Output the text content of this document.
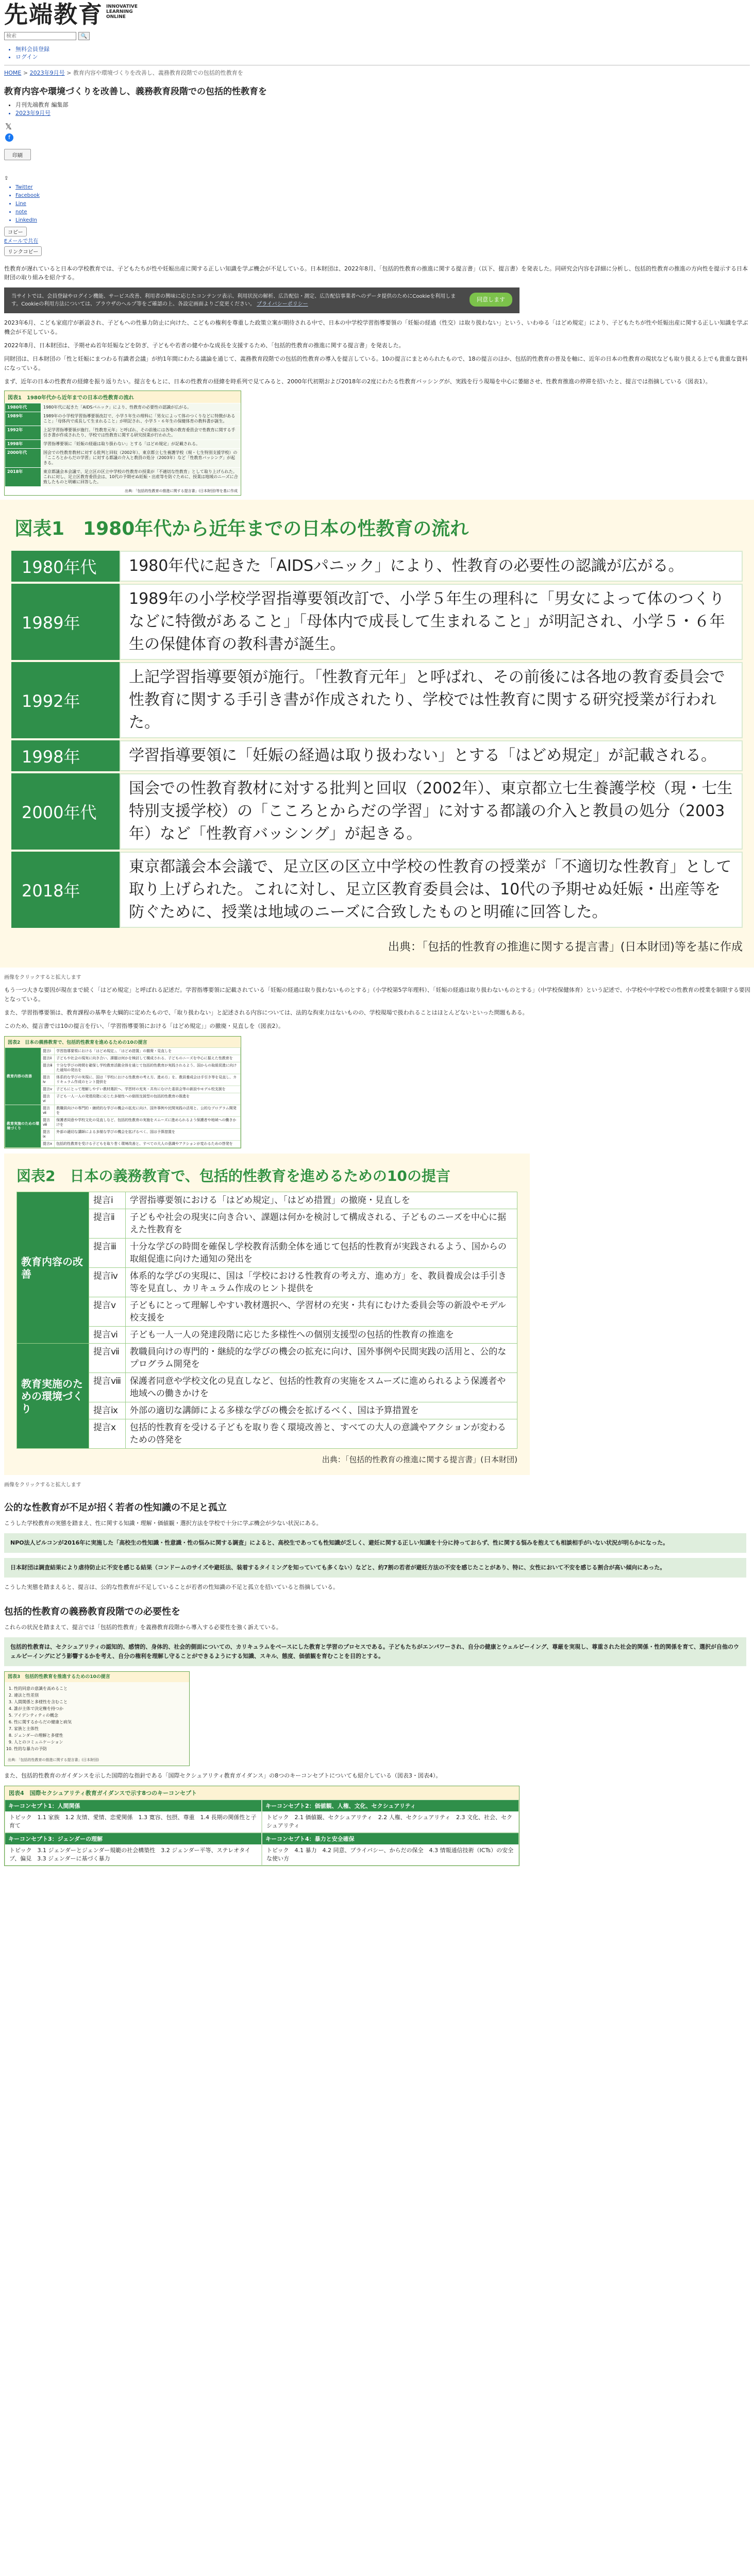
先端教育 INNOVATIVE
LEARNING
ONLINE
検索
🔍
• 無料会員登録
• ログイン
HOME > 2023年9月号 > 教育内容や環境づくりを改善し、義務教育段階での包括的性教育を
教育内容や環境づくりを改善し、義務教育段階での包括的性教育を
• 月刊先端教育 編集部
• 2023年9月号
𝕏
f
印刷
⇪
• Twitter
• Facebook
• Line
• note
• LinkedIn
コピー
Eメールで共有
リンクコピー

性教育が遅れていると日本の学校教育では、子どもたちが性や妊娠出産に関する正しい知識を学ぶ機会が不足している。日本財団は、2022年8月、「包括的性教育の推進に関する提言書」（以下、提言書）を発表した。同研究会内容を詳細に分析し、包括的性教育の推進の方向性を提示する日本財団の取り組みを紹介する。

当サイトでは、会員登録やログイン機能、サービス改善、利用者の興味に応じたコンテンツ表示、利用状況の解析、広告配信・測定、広告配信事業者へのデータ提供のためにCookieを利用します。Cookieの利用方法については、ブラウザのヘルプ等をご確認の上、各設定画面よりご変更ください。 プライバシーポリシー
同意します

2023年6月、こども家庭庁が新設され、子どもへの性暴力防止に向けた、こどもの権利を尊重した政策立案が期待される中で、日本の中学校学習指導要領の「妊娠の経過（性交）は取り扱わない」という、いわゆる「はどめ規定」により、子どもたちが性や妊娠出産に関する正しい知識を学ぶ機会が不足している。

2022年8月、日本財団は、予期せぬ若年妊娠などを防ぎ、子どもや若者の健やかな成長を支援するため、「包括的性教育の推進に関する提言書」を発表した。

同財団は、日本財団の「性と妊娠にまつわる有識者会議」が約1年間にわたる議論を通じて、義務教育段階での包括的性教育の導入を提言している。10の提言にまとめられたもので、18の提言のほか、包括的性教育の普及を軸に、近年の日本の性教育の現状なども取り扱える上でも貴重な資料になっている。

まず、近年の日本の性教育の経緯を振り返りたい。提言をもとに、日本の性教育の経緯を時系列で見てみると、2000年代初期および2018年の2度にわたる性教育バッシングが、実践を行う現場を中心に萎縮させ、性教育推進の停滞を招いたと、提言では指摘している（図表1）。

図表1　1980年代から近年までの日本の性教育の流れ
1980年代	1980年代に起きた「AIDSパニック」により、性教育の必要性の認識が広がる。
1989年	1989年の小学校学習指導要領改訂で、小学５年生の理科に「男女によって体のつくりなどに特徴があること」「母体内で成長して生まれること」が明記され、小学５・６年生の保健体育の教科書が誕生。
1992年	上記学習指導要領が施行。「性教育元年」と呼ばれ、その前後には各地の教育委員会で性教育に関する手引き書が作成されたり、学校では性教育に関する研究授業が行われた。
1998年	学習指導要領に「妊娠の経過は取り扱わない」とする「はどめ規定」が記載される。
2000年代	国会での性教育教材に対する批判と回収（2002年）、東京都立七生養護学校（現・七生特別支援学校）の「こころとからだの学習」に対する都議の介入と教員の処分（2003年）など「性教育バッシング」が起きる。
2018年	東京都議会本会議で、足立区の区立中学校の性教育の授業が「不適切な性教育」として取り上げられた。これに対し、足立区教育委員会は、10代の予期せぬ妊娠・出産等を防ぐために、授業は地域のニーズに合致したものと明確に回答した。
出典：「包括的性教育の推進に関する提言書」(日本財団)等を基に作成
図表1　1980年代から近年までの日本の性教育の流れ
1980年代	1980年代に起きた「AIDSパニック」により、性教育の必要性の認識が広がる。
1989年	1989年の小学校学習指導要領改訂で、小学５年生の理科に「男女によって体のつくりなどに特徴があること」「母体内で成長して生まれること」が明記され、小学５・６年生の保健体育の教科書が誕生。
1992年	上記学習指導要領が施行。「性教育元年」と呼ばれ、その前後には各地の教育委員会で性教育に関する手引き書が作成されたり、学校では性教育に関する研究授業が行われた。
1998年	学習指導要領に「妊娠の経過は取り扱わない」とする「はどめ規定」が記載される。
2000年代	国会での性教育教材に対する批判と回収（2002年）、東京都立七生養護学校（現・七生特別支援学校）の「こころとからだの学習」に対する都議の介入と教員の処分（2003年）など「性教育バッシング」が起きる。
2018年	東京都議会本会議で、足立区の区立中学校の性教育の授業が「不適切な性教育」として取り上げられた。これに対し、足立区教育委員会は、10代の予期せぬ妊娠・出産等を防ぐために、授業は地域のニーズに合致したものと明確に回答した。
出典：「包括的性教育の推進に関する提言書」(日本財団)等を基に作成

画像をクリックすると拡大します

もう一つ大きな要因が現在まで続く「はどめ規定」と呼ばれる記述だ。学習指導要領に記載されている「妊娠の経過は取り扱わないものとする」（小学校第5学年理科）、「妊娠の経過は取り扱わないものとする」（中学校保健体育）という記述で、小学校や中学校での性教育の授業を制限する要因となっている。

また、学習指導要領は、教育課程の基準を大綱的に定めたもので、「取り扱わない」と記述される内容については、法的な拘束力はないものの、学校現場で扱われることはほとんどないといった問題もある。

このため、提言書では10の提言を行い、「学習指導要領における「はどめ規定」」の撤廃・見直しを（図表2）。

図表2　日本の義務教育で、包括的性教育を進めるための10の提言
教育内容の改善	提言ⅰ	学習指導要領における「はどめ規定」、「はどめ措置」の撤廃・見直しを
	提言ⅱ	子どもや社会の現実に向き合い、課題は何かを検討して構成される、子どものニーズを中心に据えた性教育を
	提言ⅲ	十分な学びの時間を確保し学校教育活動全体を通じて包括的性教育が実践されるよう、国からの取組促進に向けた通知の発出を
	提言ⅳ	体系的な学びの実現に、国は「学校における性教育の考え方、進め方」を、教員養成会は手引き等を見直し、カリキュラム作成のヒント提供を
	提言ⅴ	子どもにとって理解しやすい教材選択へ、学習材の充実・共有にむけた委員会等の新設やモデル校支援を
	提言ⅵ	子ども一人一人の発達段階に応じた多様性への個別支援型の包括的性教育の推進を
教育実施のための環境づくり	提言ⅶ	教職員向けの専門的・継続的な学びの機会の拡充に向け、国外事例や民間実践の活用と、公的なプログラム開発を
	提言ⅷ	保護者同意や学校文化の見直しなど、包括的性教育の実施をスムーズに進められるよう保護者や地域への働きかけを
	提言ⅸ	外部の適切な講師による多様な学びの機会を拡げるべく、国は予算措置を
	提言ⅹ	包括的性教育を受ける子どもを取り巻く環境改善と、すべての大人の意識やアクションが変わるための啓発を
図表2　日本の義務教育で、包括的性教育を進めるための10の提言
教育内容の改善	提言ⅰ	学習指導要領における「はどめ規定」、「はどめ措置」の撤廃・見直しを
	提言ⅱ	子どもや社会の現実に向き合い、課題は何かを検討して構成される、子どものニーズを中心に据えた性教育を
	提言ⅲ	十分な学びの時間を確保し学校教育活動全体を通じて包括的性教育が実践されるよう、国からの取組促進に向けた通知の発出を
	提言ⅳ	体系的な学びの実現に、国は「学校における性教育の考え方、進め方」を、教員養成会は手引き等を見直し、カリキュラム作成のヒント提供を
	提言ⅴ	子どもにとって理解しやすい教材選択へ、学習材の充実・共有にむけた委員会等の新設やモデル校支援を
	提言ⅵ	子ども一人一人の発達段階に応じた多様性への個別支援型の包括的性教育の推進を
教育実施のための環境づくり	提言ⅶ	教職員向けの専門的・継続的な学びの機会の拡充に向け、国外事例や民間実践の活用と、公的なプログラム開発を
	提言ⅷ	保護者同意や学校文化の見直しなど、包括的性教育の実施をスムーズに進められるよう保護者や地域への働きかけを
	提言ⅸ	外部の適切な講師による多様な学びの機会を拡げるべく、国は予算措置を
	提言ⅹ	包括的性教育を受ける子どもを取り巻く環境改善と、すべての大人の意識やアクションが変わるための啓発を
出典：「包括的性教育の推進に関する提言書」(日本財団)

画像をクリックすると拡大します

公的な性教育が不足が招く若者の性知識の不足と孤立

こうした学校教育の実態を踏まえ、性に関する知識・理解・価値観・選択方法を学校で十分に学ぶ機会が少ない状況にある。

NPO法人ピルコンが2016年に実施した「高校生の性知識・性意識・性の悩みに関する調査」によると、高校生であっても性知識が乏しく、避妊に関する正しい知識を十分に持っておらず、性に関する悩みを抱えても相談相手がいない状況が明らかになった。
日本財団は調査結果により虐待防止に不安を感じる結果（コンドームのサイズや避妊法、装着するタイミングを知っていても多くない）などと、約7割の若者が避妊方法の不安を感じたことがあり、特に、女性において不安を感じる割合が高い傾向にあった。

こうした実態を踏まえると、提言は、公的な性教育が不足していることが若者の性知識の不足と孤立を招いていると指摘している。

包括的性教育の義務教育段階での必要性を

これらの状況を踏まえて、提言では「包括的性教育」を義務教育段階から導入する必要性を強く訴えている。

包括的性教育は、セクシュアリティの認知的、感情的、身体的、社会的側面についての、カリキュラムをベースにした教育と学習のプロセスである。子どもたちがエンパワーされ、自分の健康とウェルビーイング、尊厳を実現し、尊重された社会的関係・性的関係を育て、選択が自他のウェルビーイングにどう影響するかを考え、自分の権利を理解し守ることができるようにする知識、スキル、態度、価値観を育むことを目的とする。
図表3　包括的性教育を推進するための10の提言
1. 性的同意の意識を高めること
2. 違法と性差別
3. 人間関係と多様性を含むこと
4. 誰が主体で決定権を持つか
5. アイデンティティの概念
6. 性に関するからだの健康と病気
7. 家族と主体性
8. ジェンダーの理解と多様性
9. 人とのコミュニケーション
10. 性的な暴力の予防
出典：「包括的性教育の推進に関する提言書」(日本財団)

また、包括的性教育のガイダンスを示した国際的な指針である「国際セクシュアリティ教育ガイダンス」の8つのキーコンセプトについても紹介している（図表3・図表4）。

図表4　国際セクシュアリティ教育ガイダンスで示す8つのキーコンセプト
キーコンセプト1：人間関係
トピック　1.1 家族　1.2 友情、愛情、恋愛関係　1.3 寛容、包摂、尊重　1.4 長期の関係性と子育て
キーコンセプト2：価値観、人権、文化、セクシュアリティ
トピック　2.1 価値観、セクシュアリティ　2.2 人権、セクシュアリティ　2.3 文化、社会、セクシュアリティ
キーコンセプト3：ジェンダーの理解
トピック　3.1 ジェンダーとジェンダー規範の社会構築性　3.2 ジェンダー平等、ステレオタイプ、偏見　3.3 ジェンダーに基づく暴力
キーコンセプト4：暴力と安全確保
トピック　4.1 暴力　4.2 同意、プライバシー、からだの保全　4.3 情報通信技術（ICTs）の安全な使い方
